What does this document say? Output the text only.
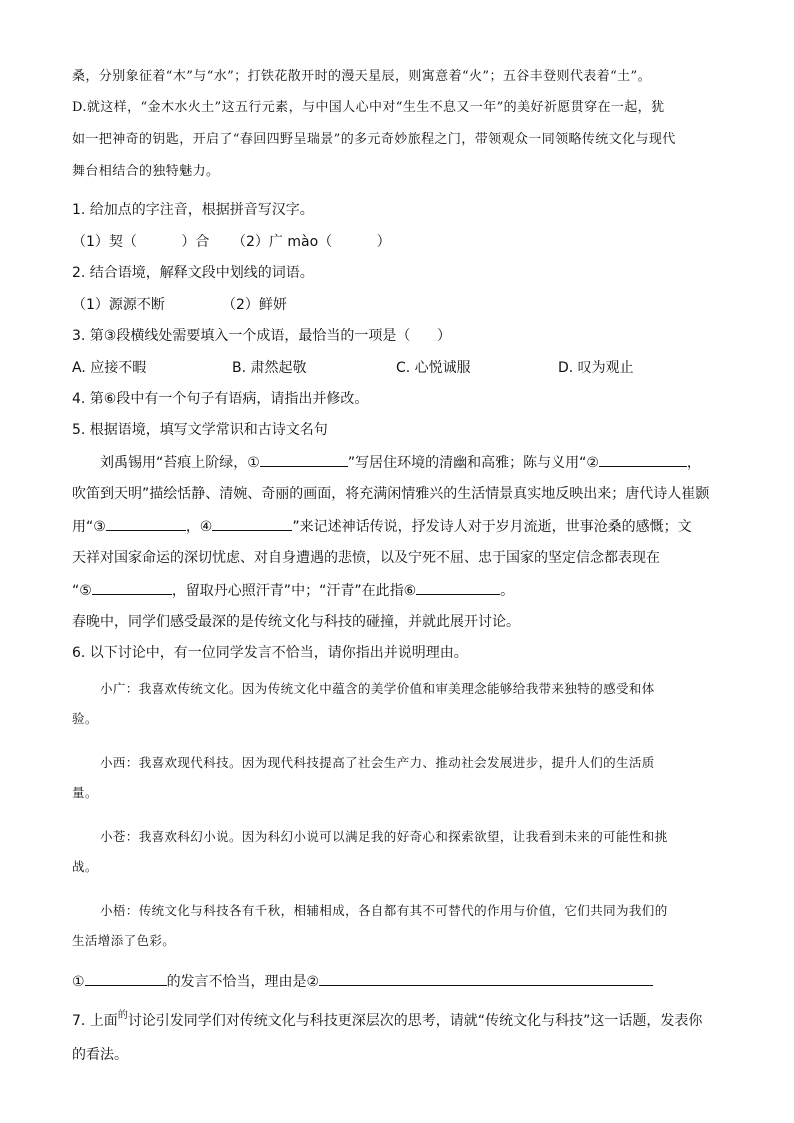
桑，分别象征着“木”与“水”；打铁花散开时的漫天星辰，则寓意着“火”；五谷丰登则代表着“土”。

D.就这样，“金木水火土”这五行元素，与中国人心中对“生生不息又一年”的美好祈愿贯穿在一起，犹

如一把神奇的钥匙，开启了“春回四野呈瑞景”的多元奇妙旅程之门，带领观众一同领略传统文化与现代

舞台相结合的独特魅力。

1. 给加点的字注音，根据拼音写汉字。

（1）契（          ）合	（2）广 mào（          ）

2. 结合语境，解释文段中划线的词语。

（1）源源不断	（2）鲜妍

3. 第③段横线处需要填入一个成语，最恰当的一项是（      ）

A. 应接不暇	B. 肃然起敬	C. 心悦诚服	D. 叹为观止

4. 第⑥段中有一个句子有语病，请指出并修改。

5. 根据语境，填写文学常识和古诗文名句

刘禹锡用“苔痕上阶绿，①	”写居住环境的清幽和高雅；陈与义用“②	，

吹笛到天明”描绘恬静、清婉、奇丽的画面，将充满闲情雅兴的生活情景真实地反映出来；唐代诗人崔颢

用“③	，④	”来记述神话传说，抒发诗人对于岁月流逝，世事沧桑的感慨；文

天祥对国家命运的深切忧虑、对自身遭遇的悲愤，以及宁死不屈、忠于国家的坚定信念都表现在

“⑤	，留取丹心照汗青”中；“汗青”在此指⑥	。

春晚中，同学们感受最深的是传统文化与科技的碰撞，并就此展开讨论。

6. 以下讨论中，有一位同学发言不恰当，请你指出并说明理由。

小广：我喜欢传统文化。因为传统文化中蕴含的美学价值和审美理念能够给我带来独特的感受和体

验。

小西：我喜欢现代科技。因为现代科技提高了社会生产力、推动社会发展进步，提升人们的生活质

量。

小苍：我喜欢科幻小说。因为科幻小说可以满足我的好奇心和探索欲望，让我看到未来的可能性和挑

战。

小梧：传统文化与科技各有千秋，相辅相成，各自都有其不可替代的作用与价值，它们共同为我们的

生活增添了色彩。

①	的发言不恰当，理由是②

7. 上面$^的$讨论引发同学们对传统文化与科技更深层次的思考，请就“传统文化与科技”这一话题，发表你

的看法。
